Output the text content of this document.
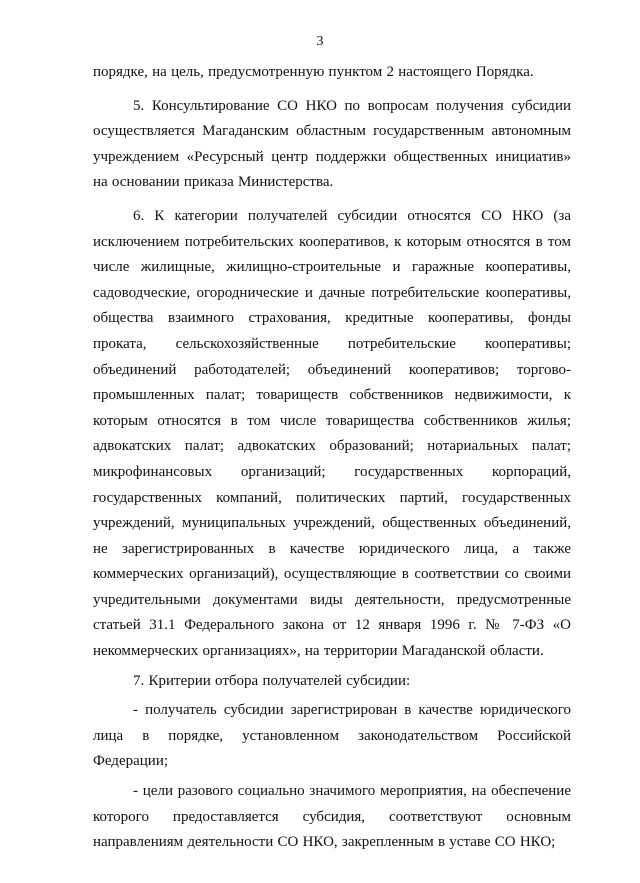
3

порядке, на цель, предусмотренную пунктом 2 настоящего Порядка.

5. Консультирование СО НКО по вопросам получения субсидии осуществляется Магаданским областным государственным автономным учреждением «Ресурсный центр поддержки общественных инициатив» на основании приказа Министерства.

6. К категории получателей субсидии относятся СО НКО (за исключением потребительских кооперативов, к которым относятся в том числе жилищные, жилищно-строительные и гаражные кооперативы, садоводческие, огороднические и дачные потребительские кооперативы, общества взаимного страхования, кредитные кооперативы, фонды проката, сельскохозяйственные потребительские кооперативы; объединений работодателей; объединений кооперативов; торгово-промышленных палат; товариществ собственников недвижимости, к которым относятся в том числе товарищества собственников жилья; адвокатских палат; адвокатских образований; нотариальных палат; микрофинансовых организаций; государственных корпораций, государственных компаний, политических партий, государственных учреждений, муниципальных учреждений, общественных объединений, не зарегистрированных в качестве юридического лица, а также коммерческих организаций), осуществляющие в соответствии со своими учредительными документами виды деятельности, предусмотренные статьей 31.1 Федерального закона от 12 января 1996 г. № 7-ФЗ «О некоммерческих организациях», на территории Магаданской области.

7. Критерии отбора получателей субсидии:

- получатель субсидии зарегистрирован в качестве юридического лица в порядке, установленном законодательством Российской Федерации;

- цели разового социально значимого мероприятия, на обеспечение которого предоставляется субсидия, соответствуют основным направлениям деятельности СО НКО, закрепленным в уставе СО НКО;
